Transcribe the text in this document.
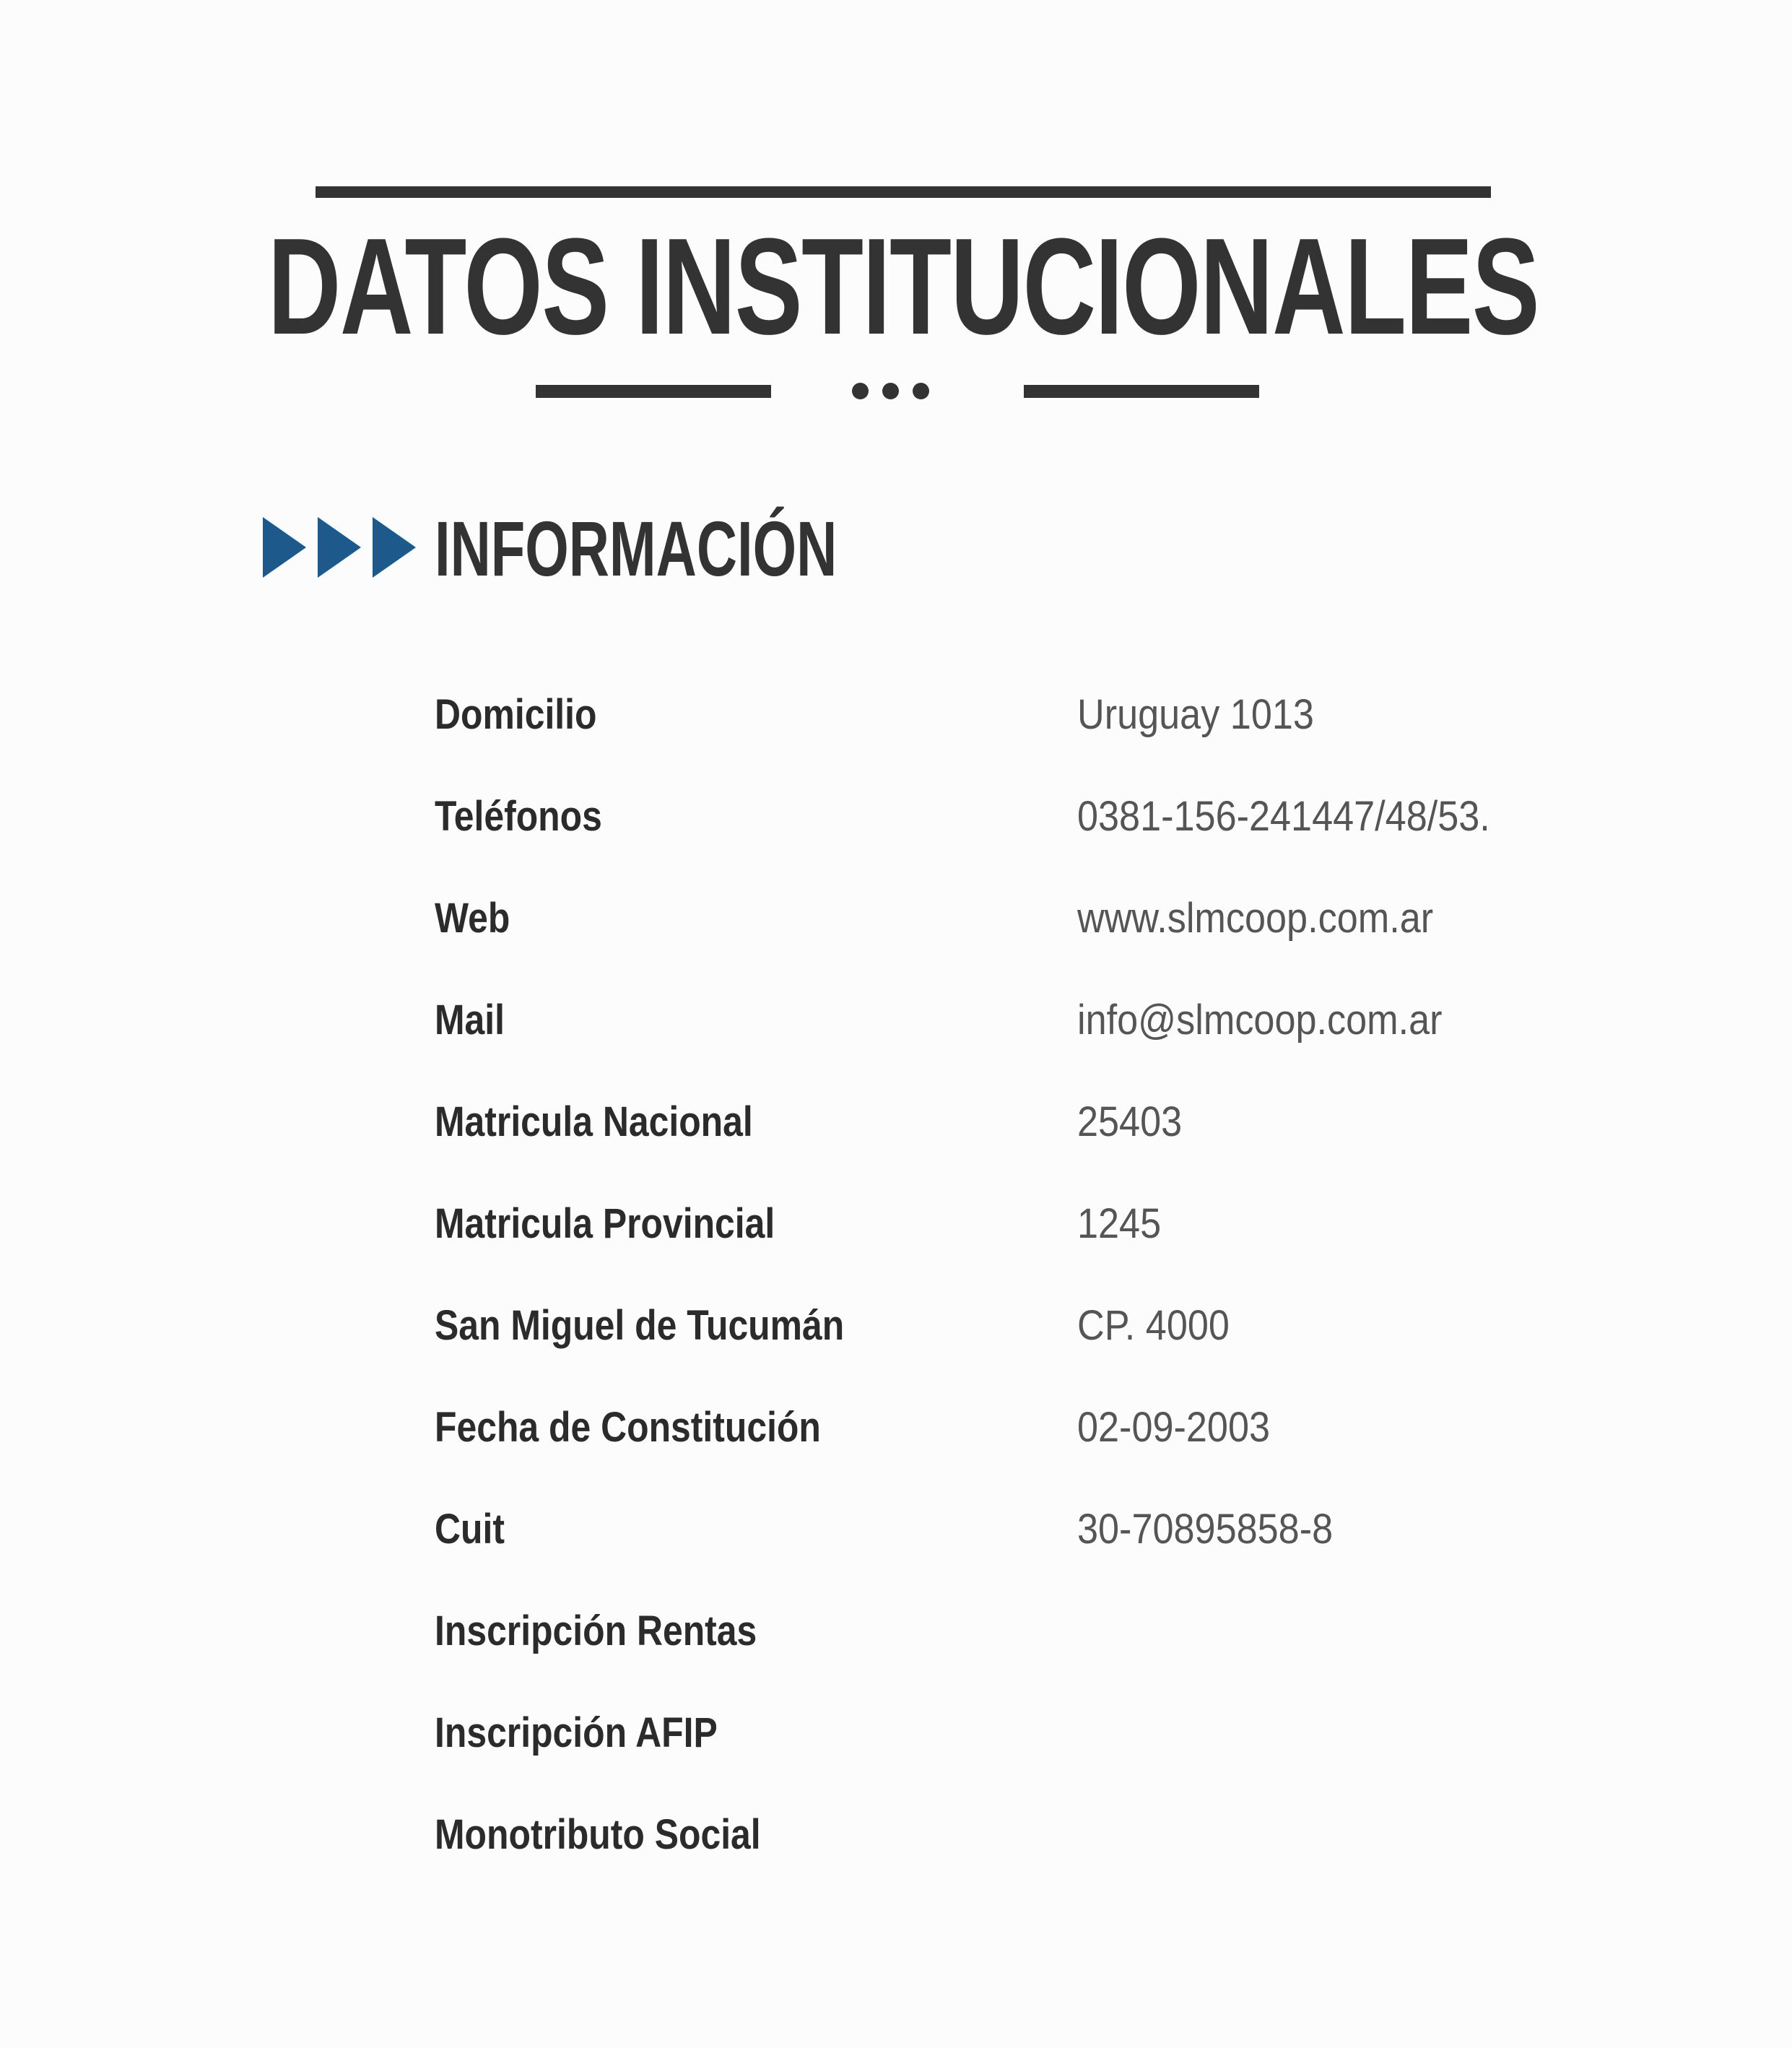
DATOS INSTITUCIONALES
INFORMACIÓN
Domicilio	Uruguay 1013
Teléfonos	0381-156-241447/48/53.
Web	www.slmcoop.com.ar
Mail	info@slmcoop.com.ar
Matricula Nacional	25403
Matricula Provincial	1245
San Miguel de Tucumán	CP. 4000
Fecha de Constitución	02-09-2003
Cuit	30-70895858-8
Inscripción Rentas
Inscripción AFIP
Monotributo Social
